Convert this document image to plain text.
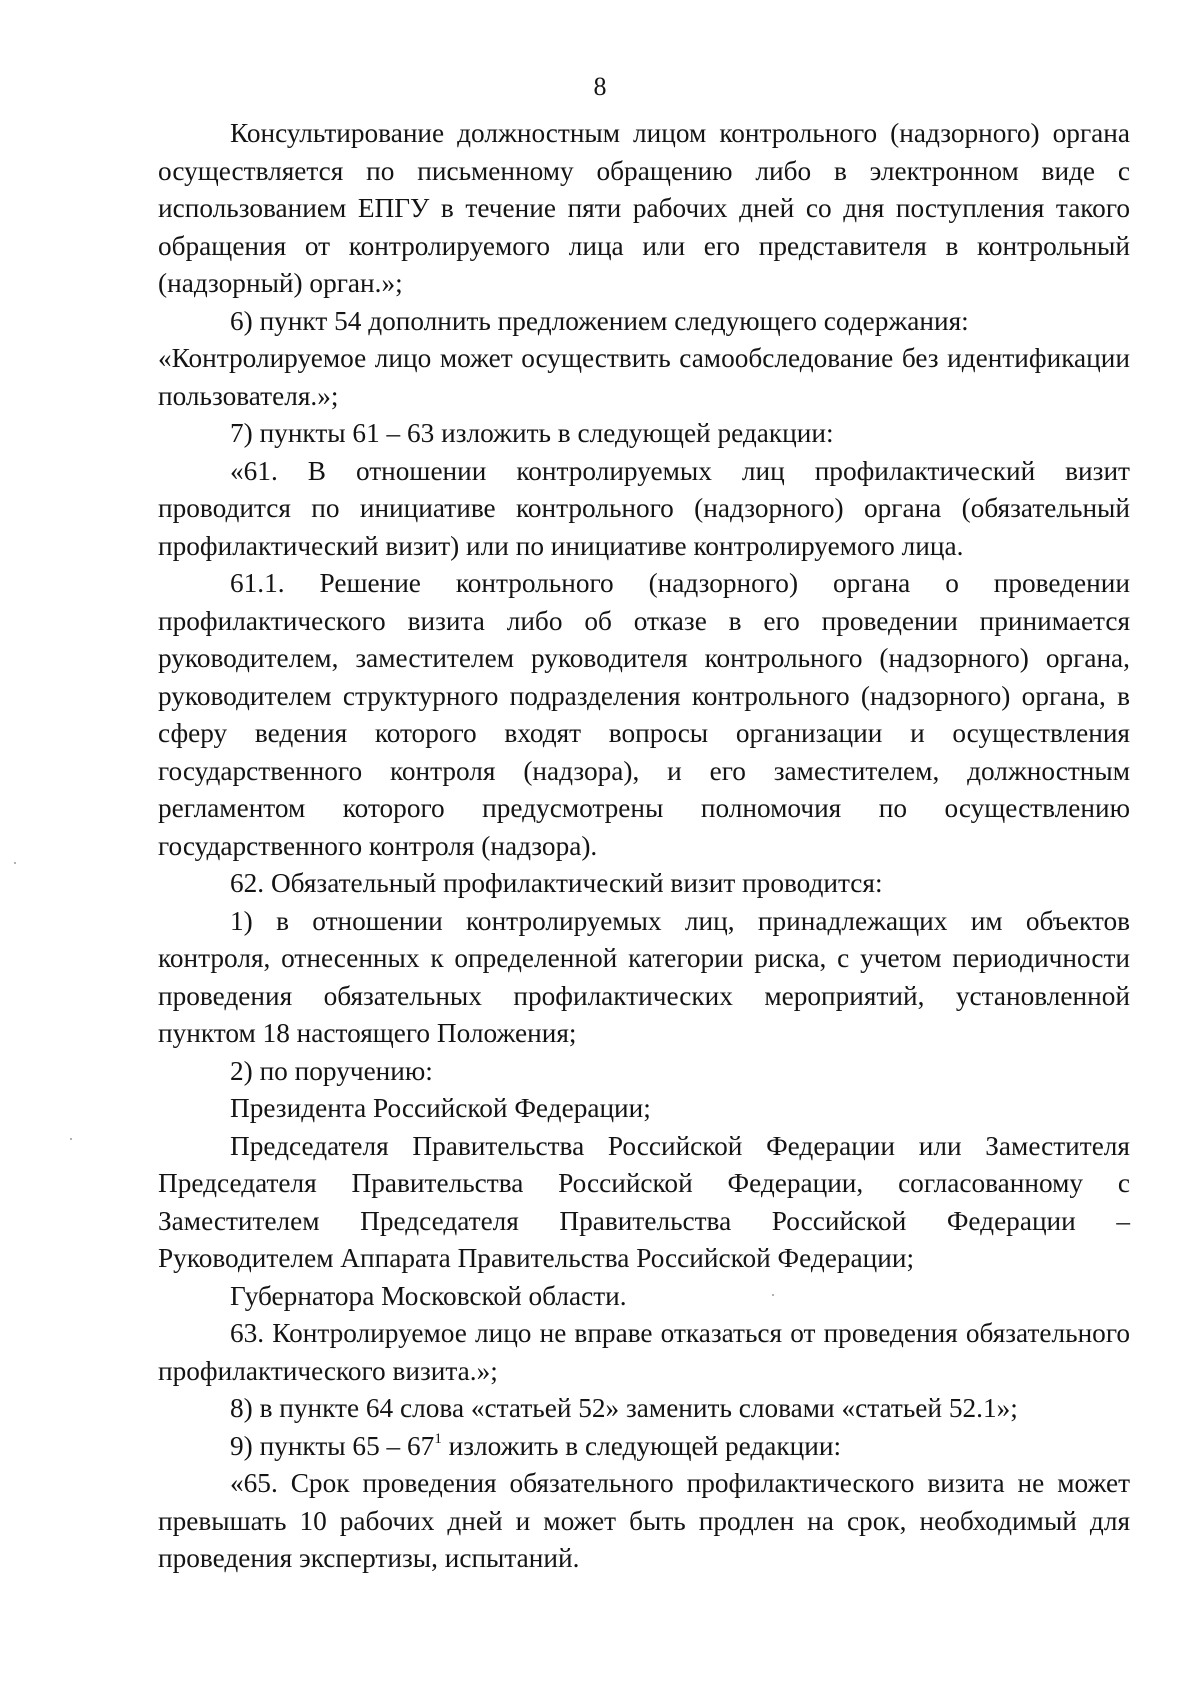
8

Консультирование должностным лицом контрольного (надзорного) органа осуществляется по письменному обращению либо в электронном виде с использованием ЕПГУ в течение пяти рабочих дней со дня поступления такого обращения от контролируемого лица или его представителя в контрольный (надзорный) орган.»;

6) пункт 54 дополнить предложением следующего содержания:

«Контролируемое лицо может осуществить самообследование без идентификации пользователя.»;

7) пункты 61 – 63 изложить в следующей редакции:

«61. В отношении контролируемых лиц профилактический визит проводится по инициативе контрольного (надзорного) органа (обязательный профилактический визит) или по инициативе контролируемого лица.

61.1. Решение контрольного (надзорного) органа о проведении профилактического визита либо об отказе в его проведении принимается руководителем, заместителем руководителя контрольного (надзорного) органа, руководителем структурного подразделения контрольного (надзорного) органа, в сферу ведения которого входят вопросы организации и осуществления государственного контроля (надзора), и его заместителем, должностным регламентом которого предусмотрены полномочия по осуществлению государственного контроля (надзора).

62. Обязательный профилактический визит проводится:

1) в отношении контролируемых лиц, принадлежащих им объектов контроля, отнесенных к определенной категории риска, с учетом периодичности проведения обязательных профилактических мероприятий, установленной пунктом 18 настоящего Положения;

2) по поручению:

Президента Российской Федерации;

Председателя Правительства Российской Федерации или Заместителя Председателя Правительства Российской Федерации, согласованному с Заместителем Председателя Правительства Российской Федерации – Руководителем Аппарата Правительства Российской Федерации;

Губернатора Московской области.

63. Контролируемое лицо не вправе отказаться от проведения обязательного профилактического визита.»;

8) в пункте 64 слова «статьей 52» заменить словами «статьей 52.1»;

9) пункты $65 - 67^1$ изложить в следующей редакции:

«65. Срок проведения обязательного профилактического визита не может превышать 10 рабочих дней и может быть продлен на срок, необходимый для проведения экспертизы, испытаний.
